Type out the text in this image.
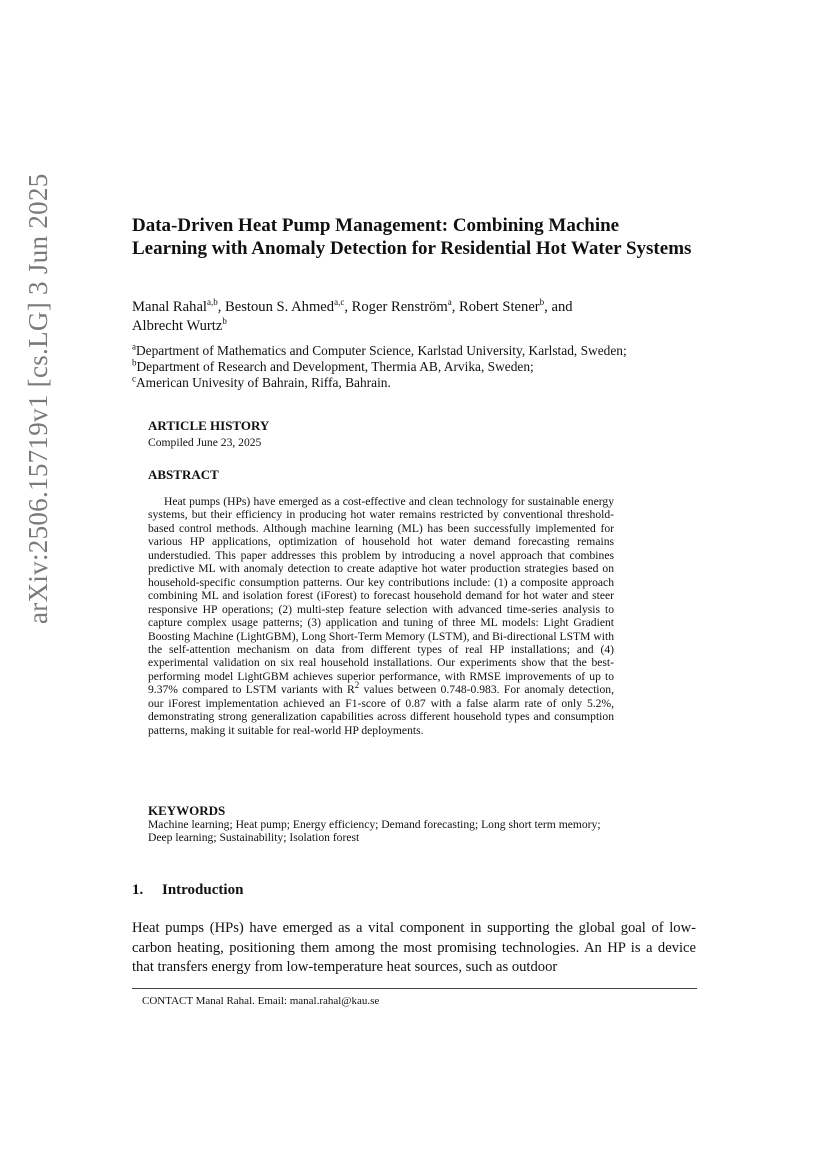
arXiv:2506.15719v1 [cs.LG] 3 Jun 2025	Data-Driven Heat Pump Management: Combining Machine Learning with Anomaly Detection for Residential Hot Water Systems
Manal Rahal$^{a,b}$, Bestoun S. Ahmed$^{a,c}$, Roger Renström$^a$, Robert Stener$^b$, and
Albrecht Wurtz$^b$
$^a$Department of Mathematics and Computer Science, Karlstad University, Karlstad, Sweden;
$^b$Department of Research and Development, Thermia AB, Arvika, Sweden;
$^c$American Univesity of Bahrain, Riffa, Bahrain.
ARTICLE HISTORY
Compiled June 23, 2025
ABSTRACT

Heat pumps (HPs) have emerged as a cost-effective and clean technology for sustainable energy systems, but their efficiency in producing hot water remains restricted by conventional threshold-based control methods. Although machine learning (ML) has been successfully implemented for various HP applications, optimization of household hot water demand forecasting remains understudied. This paper addresses this problem by introducing a novel approach that combines predictive ML with anomaly detection to create adaptive hot water production strategies based on household-specific consumption patterns. Our key contributions include: (1) a composite approach combining ML and isolation forest (iForest) to forecast household demand for hot water and steer responsive HP operations; (2) multi-step feature selection with advanced time-series analysis to capture complex usage patterns; (3) application and tuning of three ML models: Light Gradient Boosting Machine (LightGBM), Long Short-Term Memory (LSTM), and Bi-directional LSTM with the self-attention mechanism on data from different types of real HP installations; and (4) experimental validation on six real household installations. Our experiments show that the best-performing model LightGBM achieves superior performance, with RMSE improvements of up to 9.37% compared to LSTM variants with $R^2$ values between 0.748-0.983. For anomaly detection, our iForest implementation achieved an F1-score of 0.87 with a false alarm rate of only 5.2%, demonstrating strong generalization capabilities across different household types and consumption patterns, making it suitable for real-world HP deployments.

KEYWORDS
Machine learning; Heat pump; Energy efficiency; Demand forecasting; Long short term memory; Deep learning; Sustainability; Isolation forest
1. Introduction
Heat pumps (HPs) have emerged as a vital component in supporting the global goal of low-carbon heating, positioning them among the most promising technologies. An HP is a device that transfers energy from low-temperature heat sources, such as outdoor
CONTACT Manal Rahal. Email: manal.rahal@kau.se
